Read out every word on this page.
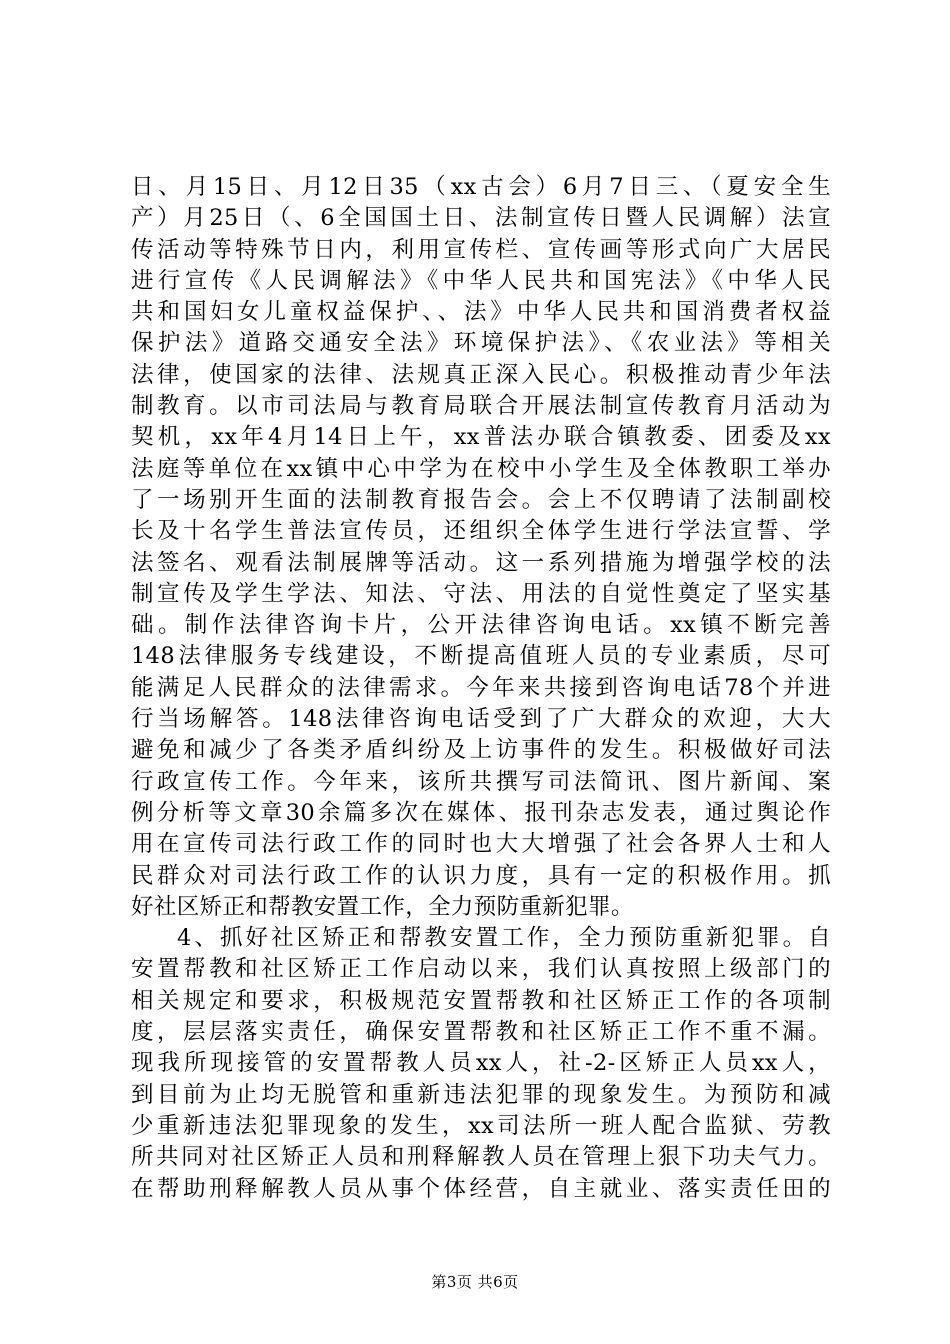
日、月15日、月12日35（xx古会）6月7日三、（夏安全生
产）月25日（、6全国国土日、法制宣传日暨人民调解）法宣
传活动等特殊节日内，利用宣传栏、宣传画等形式向广大居民
进行宣传《人民调解法》《中华人民共和国宪法》《中华人民
共和国妇女儿童权益保护、、法》中华人民共和国消费者权益
保护法》道路交通安全法》环境保护法》、《农业法》等相关
法律，使国家的法律、法规真正深入民心。积极推动青少年法
制教育。以市司法局与教育局联合开展法制宣传教育月活动为
契机，xx年4月14日上午，xx普法办联合镇教委、团委及xx
法庭等单位在xx镇中心中学为在校中小学生及全体教职工举办
了一场别开生面的法制教育报告会。会上不仅聘请了法制副校
长及十名学生普法宣传员，还组织全体学生进行学法宣誓、学
法签名、观看法制展牌等活动。这一系列措施为增强学校的法
制宣传及学生学法、知法、守法、用法的自觉性奠定了坚实基
础。制作法律咨询卡片，公开法律咨询电话。xx镇不断完善
148法律服务专线建设，不断提高值班人员的专业素质，尽可
能满足人民群众的法律需求。今年来共接到咨询电话78个并进
行当场解答。148法律咨询电话受到了广大群众的欢迎，大大
避免和减少了各类矛盾纠纷及上访事件的发生。积极做好司法
行政宣传工作。今年来，该所共撰写司法简讯、图片新闻、案
例分析等文章30余篇多次在媒体、报刊杂志发表，通过舆论作
用在宣传司法行政工作的同时也大大增强了社会各界人士和人
民群众对司法行政工作的认识力度，具有一定的积极作用。抓
好社区矫正和帮教安置工作，全力预防重新犯罪。
4、抓好社区矫正和帮教安置工作，全力预防重新犯罪。自
安置帮教和社区矫正工作启动以来，我们认真按照上级部门的
相关规定和要求，积极规范安置帮教和社区矫正工作的各项制
度，层层落实责任，确保安置帮教和社区矫正工作不重不漏。
现我所现接管的安置帮教人员xx人，社-2-区矫正人员xx人，
到目前为止均无脱管和重新违法犯罪的现象发生。为预防和减
少重新违法犯罪现象的发生，xx司法所一班人配合监狱、劳教
所共同对社区矫正人员和刑释解教人员在管理上狠下功夫气力。
在帮助刑释解教人员从事个体经营，自主就业、落实责任田的
第3页 共6页
